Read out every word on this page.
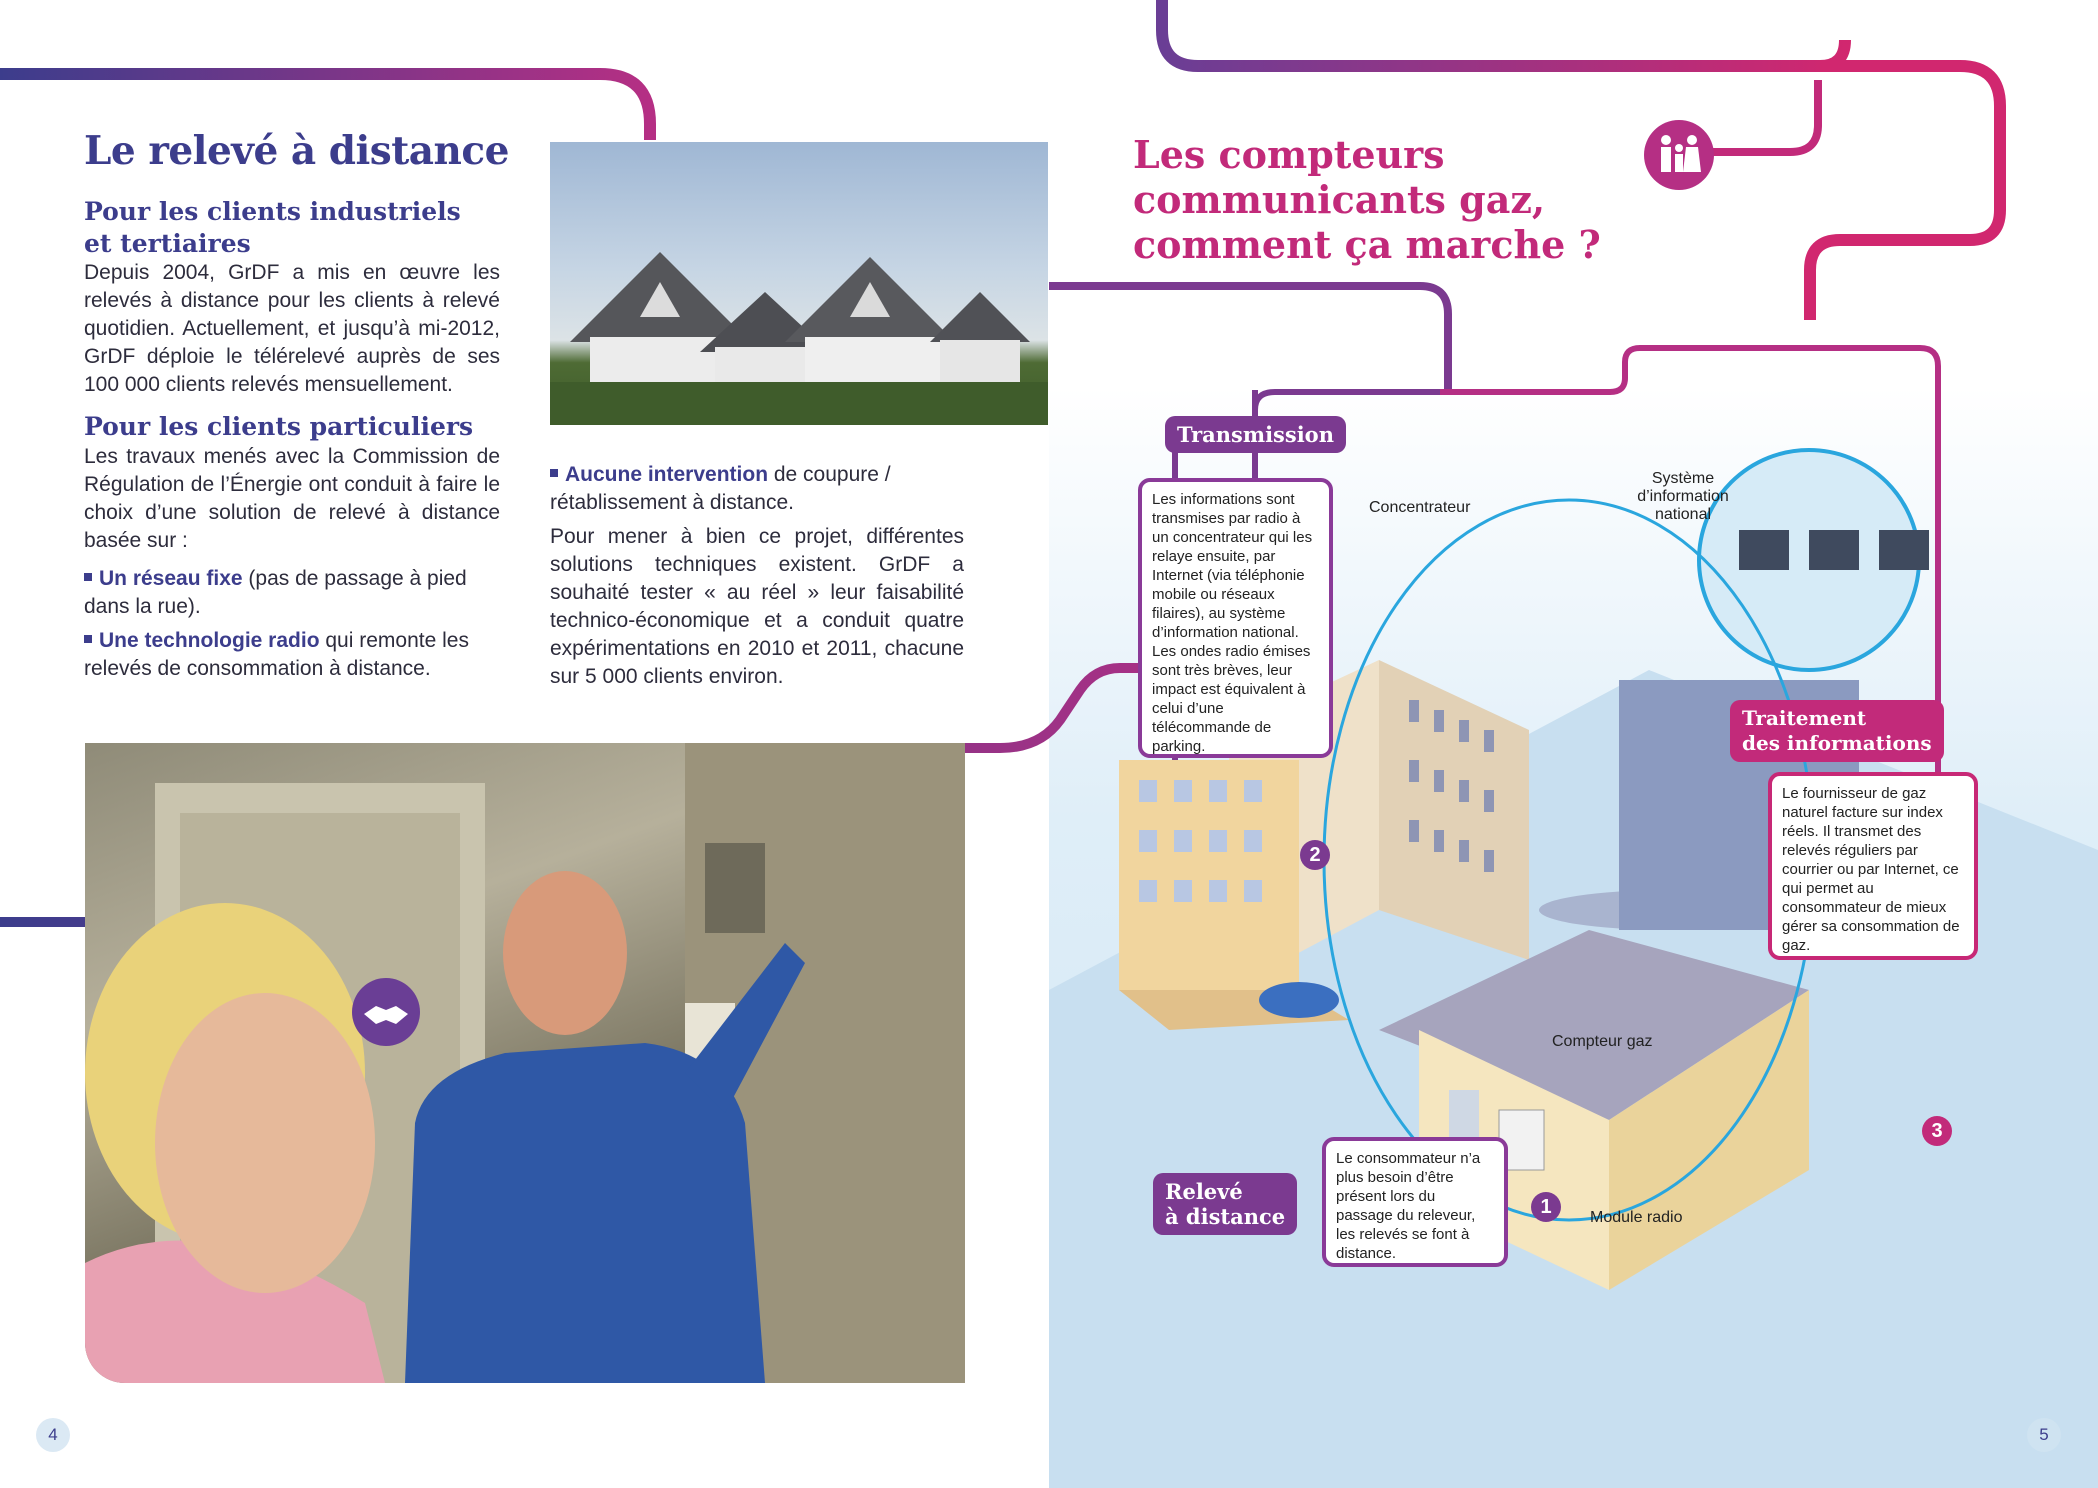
Le relevé à distance
Pour les clients industriels
et tertiaires
Depuis 2004, GrDF a mis en œuvre les relevés à distance pour les clients à relevé quotidien. Actuellement, et jusqu’à mi-2012, GrDF déploie le télérelevé auprès de ses 100 000 clients relevés mensuellement.
Pour les clients particuliers
Les travaux menés avec la Commission de Régulation de l’Énergie ont conduit à faire le choix d’une solution de relevé à distance basée sur :
Un réseau fixe (pas de passage à pied dans la rue).
Une technologie radio qui remonte les relevés de consommation à distance.
Aucune intervention de coupure / rétablissement à distance.
Pour mener à bien ce projet, différentes solutions techniques existent. GrDF a souhaité tester « au réel » leur faisabilité technico-économique et a conduit quatre expérimentations en 2010 et 2011, chacune sur 5 000 clients environ.
4
Les compteurs
communicants gaz,
comment ça marche ?
Transmission
Les informations sont transmises par radio à un concentrateur qui les relaye ensuite, par Internet (via téléphonie mobile ou réseaux filaires), au système d’information national. Les ondes radio émises sont très brèves, leur impact est équivalent à celui d’une télécommande de parking.
2
Concentrateur
Système
d’information
national
Traitement
des informations
Le fournisseur de gaz naturel facture sur index réels. Il transmet des relevés réguliers par courrier ou par Internet, ce qui permet au consommateur de mieux gérer sa consommation de gaz.
3
Relevé
à distance
Le consommateur n’a plus besoin d’être présent lors du passage du releveur, les relevés se font à distance.
1
Compteur gaz
Module radio
5
